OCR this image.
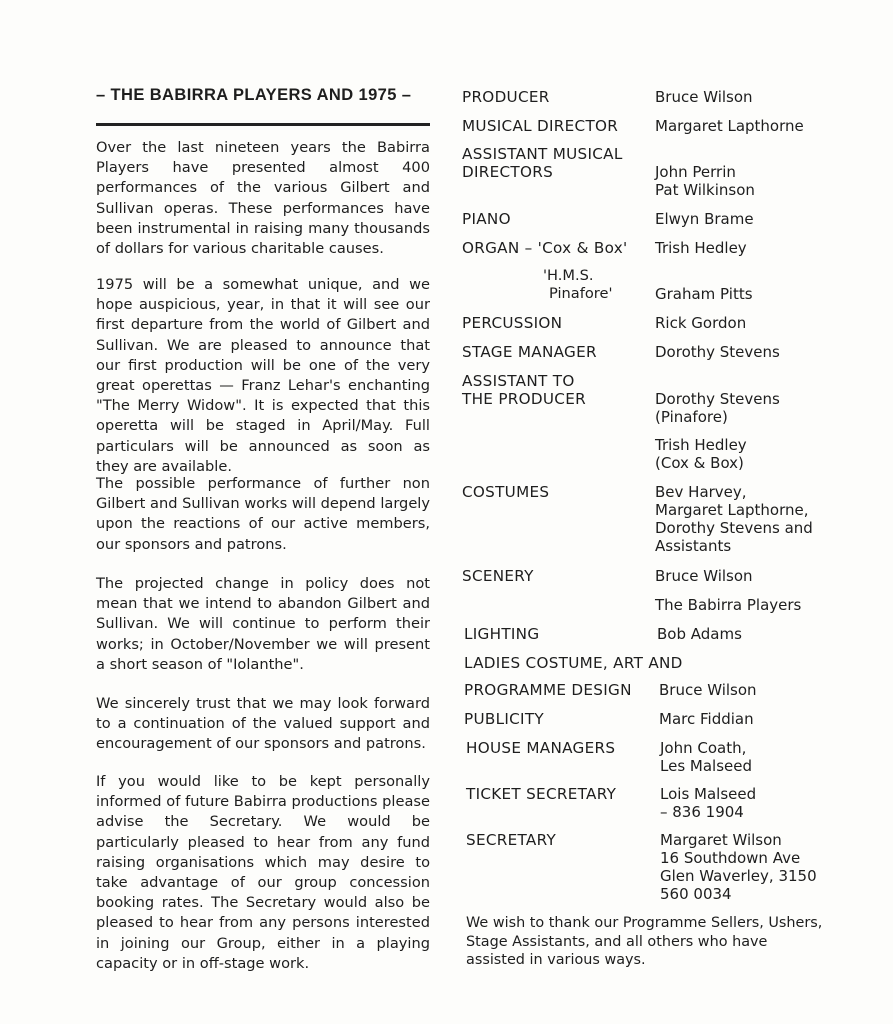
– THE BABIRRA PLAYERS AND 1975 –

Over the last nineteen years the Babirra Players have presented almost 400 performances of the various Gilbert and Sullivan operas. These performances have been instrumental in raising many thousands of dollars for various charitable causes.

1975 will be a somewhat unique, and we hope auspicious, year, in that it will see our first departure from the world of Gilbert and Sullivan. We are pleased to announce that our first production will be one of the very great operettas — Franz Lehar's enchanting "The Merry Widow". It is expected that this operetta will be staged in April/May. Full particulars will be announced as soon as they are available.

The possible performance of further non Gilbert and Sullivan works will depend largely upon the reactions of our active members, our sponsors and patrons.

The projected change in policy does not mean that we intend to abandon Gilbert and Sullivan. We will continue to perform their works; in October/November we will present a short season of "Iolanthe".

We sincerely trust that we may look forward to a continuation of the valued support and encouragement of our sponsors and patrons.

If you would like to be kept personally informed of future Babirra productions please advise the Secretary. We would be particularly pleased to hear from any fund raising organisations which may desire to take advantage of our group concession booking rates. The Secretary would also be pleased to hear from any persons interested in joining our Group, either in a playing capacity or in off-stage work.

PRODUCER	Bruce Wilson
MUSICAL DIRECTOR Margaret Lapthorne
ASSISTANT MUSICAL
DIRECTORS	John Perrin
Pat Wilkinson
PIANO	Elwyn Brame
ORGAN – 'Cox & Box' Trish Hedley
'H.M.S.
Pinafore'	Graham Pitts
PERCUSSION	Rick Gordon
STAGE MANAGER	Dorothy Stevens
ASSISTANT TO
THE PRODUCER	Dorothy Stevens
(Pinafore)
Trish Hedley
(Cox & Box)
COSTUMES	Bev Harvey,
Margaret Lapthorne,
Dorothy Stevens and
Assistants
SCENERY	Bruce Wilson
The Babirra Players
LIGHTING	Bob Adams
LADIES COSTUME, ART AND
PROGRAMME DESIGN Bruce Wilson
PUBLICITY	Marc Fiddian
HOUSE MANAGERS	John Coath,
Les Malseed
TICKET SECRETARY	Lois Malseed
– 836 1904
SECRETARY	Margaret Wilson
16 Southdown Ave
Glen Waverley, 3150
560 0034

We wish to thank our Programme Sellers, Ushers, Stage Assistants, and all others who have assisted in various ways.
